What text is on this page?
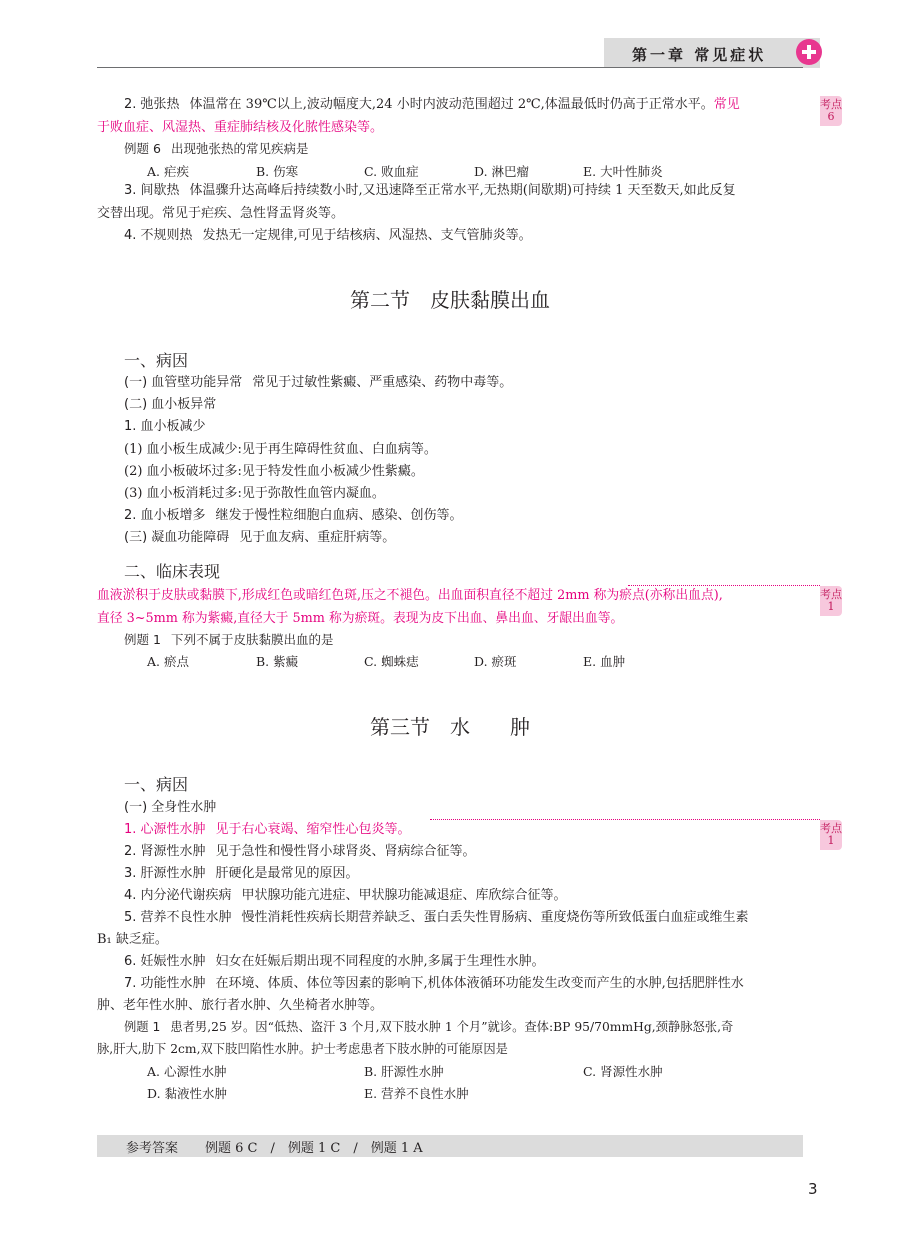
第一章 常见症状
2. 弛张热 体温常在 39℃以上,波动幅度大,24 小时内波动范围超过 2℃,体温最低时仍高于正常水平。常见
于败血症、风湿热、重症肺结核及化脓性感染等。
考点6
例题 6 出现弛张热的常见疾病是
A. 疟疾	B. 伤寒	C. 败血症	D. 淋巴瘤	E. 大叶性肺炎
3. 间歇热 体温骤升达高峰后持续数小时,又迅速降至正常水平,无热期(间歇期)可持续 1 天至数天,如此反复
交替出现。常见于疟疾、急性肾盂肾炎等。
4. 不规则热 发热无一定规律,可见于结核病、风湿热、支气管肺炎等。
第二节　皮肤黏膜出血
一、病因
(一) 血管壁功能异常 常见于过敏性紫癜、严重感染、药物中毒等。
(二) 血小板异常
1. 血小板减少
(1) 血小板生成减少:见于再生障碍性贫血、白血病等。
(2) 血小板破坏过多:见于特发性血小板减少性紫癜。
(3) 血小板消耗过多:见于弥散性血管内凝血。
2. 血小板增多 继发于慢性粒细胞白血病、感染、创伤等。
(三) 凝血功能障碍 见于血友病、重症肝病等。
二、临床表现
血液淤积于皮肤或黏膜下,形成红色或暗红色斑,压之不褪色。出血面积直径不超过 2mm 称为瘀点(亦称出血点),
直径 3~5mm 称为紫癜,直径大于 5mm 称为瘀斑。表现为皮下出血、鼻出血、牙龈出血等。
考点1
例题 1 下列不属于皮肤黏膜出血的是
A. 瘀点	B. 紫癜	C. 蜘蛛痣	D. 瘀斑	E. 血肿
第三节　水　　肿
一、病因
(一) 全身性水肿
1. 心源性水肿 见于右心衰竭、缩窄性心包炎等。	考点1
2. 肾源性水肿 见于急性和慢性肾小球肾炎、肾病综合征等。
3. 肝源性水肿 肝硬化是最常见的原因。
4. 内分泌代谢疾病 甲状腺功能亢进症、甲状腺功能减退症、库欣综合征等。
5. 营养不良性水肿 慢性消耗性疾病长期营养缺乏、蛋白丢失性胃肠病、重度烧伤等所致低蛋白血症或维生素
B₁ 缺乏症。
6. 妊娠性水肿 妇女在妊娠后期出现不同程度的水肿,多属于生理性水肿。
7. 功能性水肿 在环境、体质、体位等因素的影响下,机体体液循环功能发生改变而产生的水肿,包括肥胖性水
肿、老年性水肿、旅行者水肿、久坐椅者水肿等。
例题 1 患者男,25 岁。因“低热、盗汗 3 个月,双下肢水肿 1 个月”就诊。查体:BP 95/70mmHg,颈静脉怒张,奇
脉,肝大,肋下 2cm,双下肢凹陷性水肿。护士考虑患者下肢水肿的可能原因是
A. 心源性水肿	B. 肝源性水肿	C. 肾源性水肿
D. 黏液性水肿	E. 营养不良性水肿
参考答案 例题 6 C　/　例题 1 C　/　例题 1 A
3
